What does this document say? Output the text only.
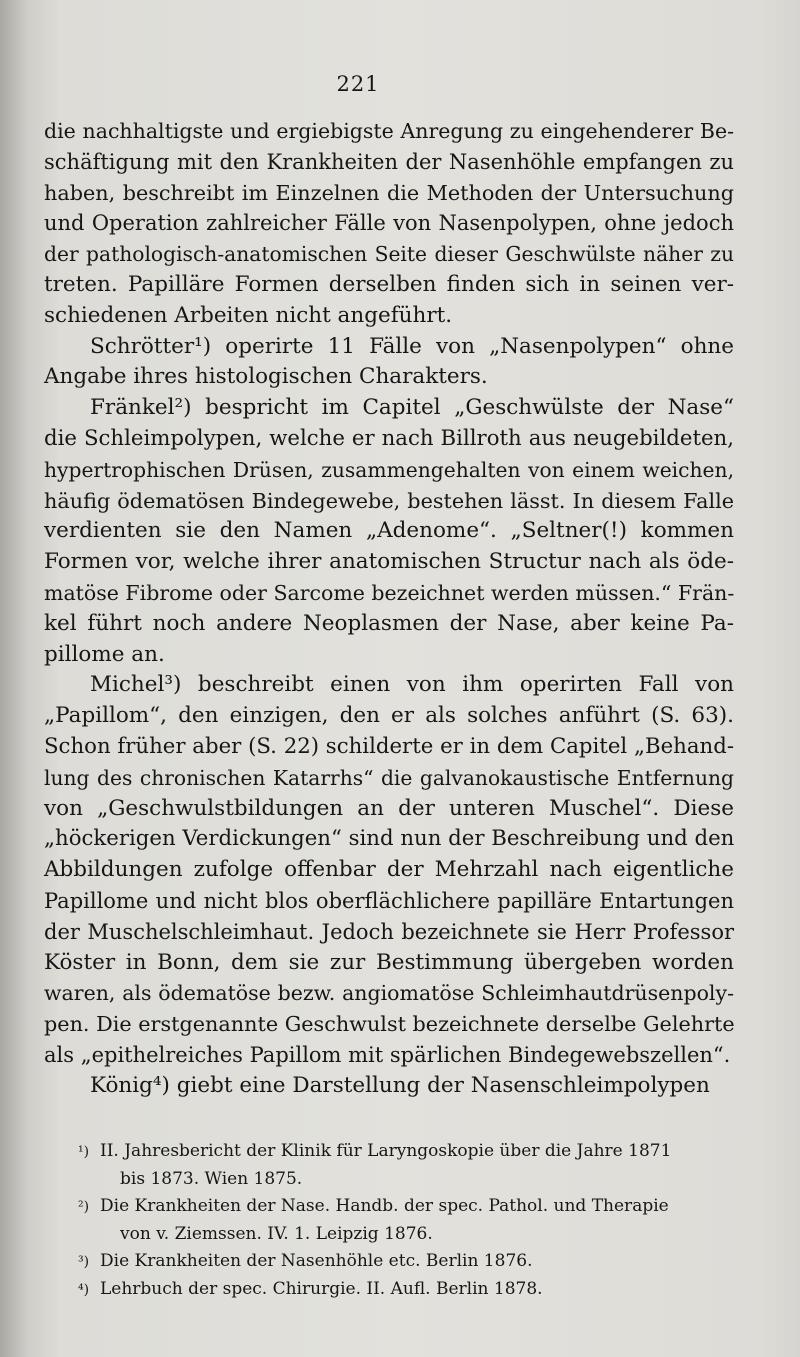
221
die nachhaltigste und ergiebigste Anregung zu eingehenderer Be-
schäftigung mit den Krankheiten der Nasenhöhle empfangen zu
haben, beschreibt im Einzelnen die Methoden der Untersuchung
und Operation zahlreicher Fälle von Nasenpolypen, ohne jedoch
der pathologisch-anatomischen Seite dieser Geschwülste näher zu
treten. Papilläre Formen derselben finden sich in seinen ver-
schiedenen Arbeiten nicht angeführt.
Schrötter¹) operirte 11 Fälle von „Nasenpolypen“ ohne
Angabe ihres histologischen Charakters.
Fränkel²) bespricht im Capitel „Geschwülste der Nase“
die Schleimpolypen, welche er nach Billroth aus neugebildeten,
hypertrophischen Drüsen, zusammengehalten von einem weichen,
häufig ödematösen Bindegewebe, bestehen lässt. In diesem Falle
verdienten sie den Namen „Adenome“. „Seltner(!) kommen
Formen vor, welche ihrer anatomischen Structur nach als öde-
matöse Fibrome oder Sarcome bezeichnet werden müssen.“ Frän-
kel führt noch andere Neoplasmen der Nase, aber keine Pa-
pillome an.
Michel³) beschreibt einen von ihm operirten Fall von
„Papillom“, den einzigen, den er als solches anführt (S. 63).
Schon früher aber (S. 22) schilderte er in dem Capitel „Behand-
lung des chronischen Katarrhs“ die galvanokaustische Entfernung
von „Geschwulstbildungen an der unteren Muschel“. Diese
„höckerigen Verdickungen“ sind nun der Beschreibung und den
Abbildungen zufolge offenbar der Mehrzahl nach eigentliche
Papillome und nicht blos oberflächlichere papilläre Entartungen
der Muschelschleimhaut. Jedoch bezeichnete sie Herr Professor
Köster in Bonn, dem sie zur Bestimmung übergeben worden
waren, als ödematöse bezw. angiomatöse Schleimhautdrüsenpoly-
pen. Die erstgenannte Geschwulst bezeichnete derselbe Gelehrte
als „epithelreiches Papillom mit spärlichen Bindegewebszellen“.
König⁴) giebt eine Darstellung der Nasenschleimpolypen
¹) II. Jahresbericht der Klinik für Laryngoskopie über die Jahre 1871
bis 1873. Wien 1875.
²) Die Krankheiten der Nase. Handb. der spec. Pathol. und Therapie
von v. Ziemssen. IV. 1. Leipzig 1876.
³) Die Krankheiten der Nasenhöhle etc. Berlin 1876.
⁴) Lehrbuch der spec. Chirurgie. II. Aufl. Berlin 1878.
